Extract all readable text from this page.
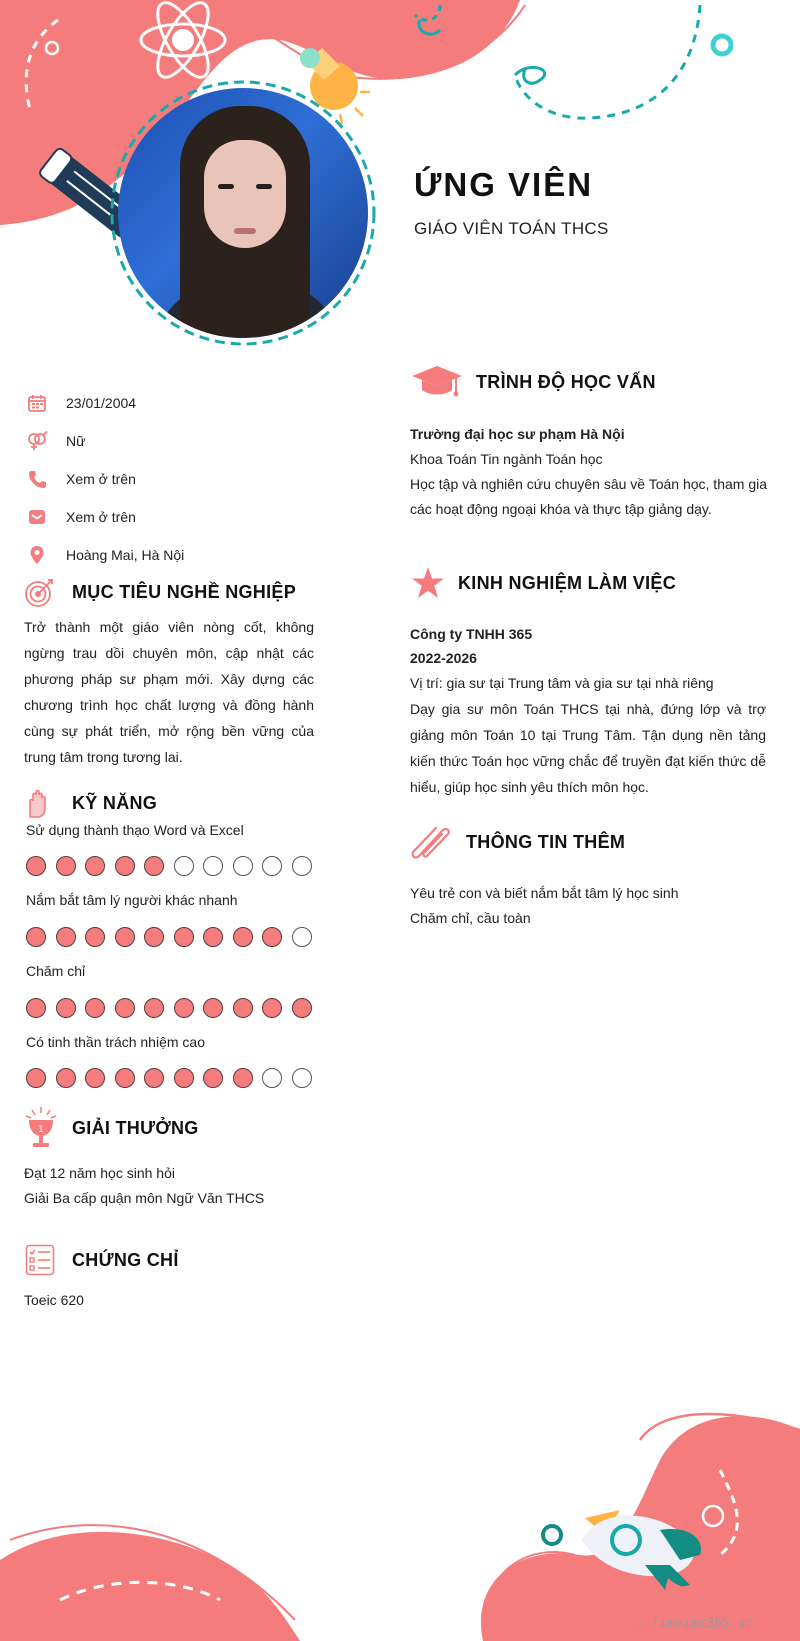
ỨNG VIÊN
GIÁO VIÊN TOÁN THCS
23/01/2004
Nữ
Xem ở trên
Xem ở trên
Hoàng Mai, Hà Nội
MỤC TIÊU NGHỀ NGHIỆP

Trở thành một giáo viên nòng cốt, không ngừng trau dồi chuyên môn, cập nhật các phương pháp sư phạm mới. Xây dựng các chương trình học chất lượng và đồng hành cùng sự phát triển, mở rộng bền vững của trung tâm trong tương lai.

KỸ NĂNG
Sử dụng thành thạo Word và Excel
Nắm bắt tâm lý người khác nhanh
Chăm chỉ
Có tinh thần trách nhiệm cao
1 GIẢI THƯỞNG

Đạt 12 năm học sinh hỏi

Giải Ba cấp quận môn Ngữ Văn THCS

CHỨNG CHỈ

Toeic 620

TRÌNH ĐỘ HỌC VẤN

Trường đại học sư phạm Hà Nội

Khoa Toán Tin ngành Toán học

Học tập và nghiên cứu chuyên sâu về Toán học, tham gia các hoạt động ngoại khóa và thực tập giảng dạy.

KINH NGHIỆM LÀM VIỆC

Công ty TNHH 365

2022-2026

Vị trí: gia sư tại Trung tâm và gia sư tại nhà riêng

Dạy gia sư môn Toán THCS tại nhà, đứng lớp và trợ giảng môn Toán 10 tại Trung Tâm. Tận dụng nền tảng kiến thức Toán học vững chắc để truyền đạt kiến thức dễ hiểu, giúp học sinh yêu thích môn học.

THÔNG TIN THÊM

Yêu trẻ con và biết nắm bắt tâm lý học sinh

Chăm chỉ, cầu toàn

∴ Timviec365.vn
